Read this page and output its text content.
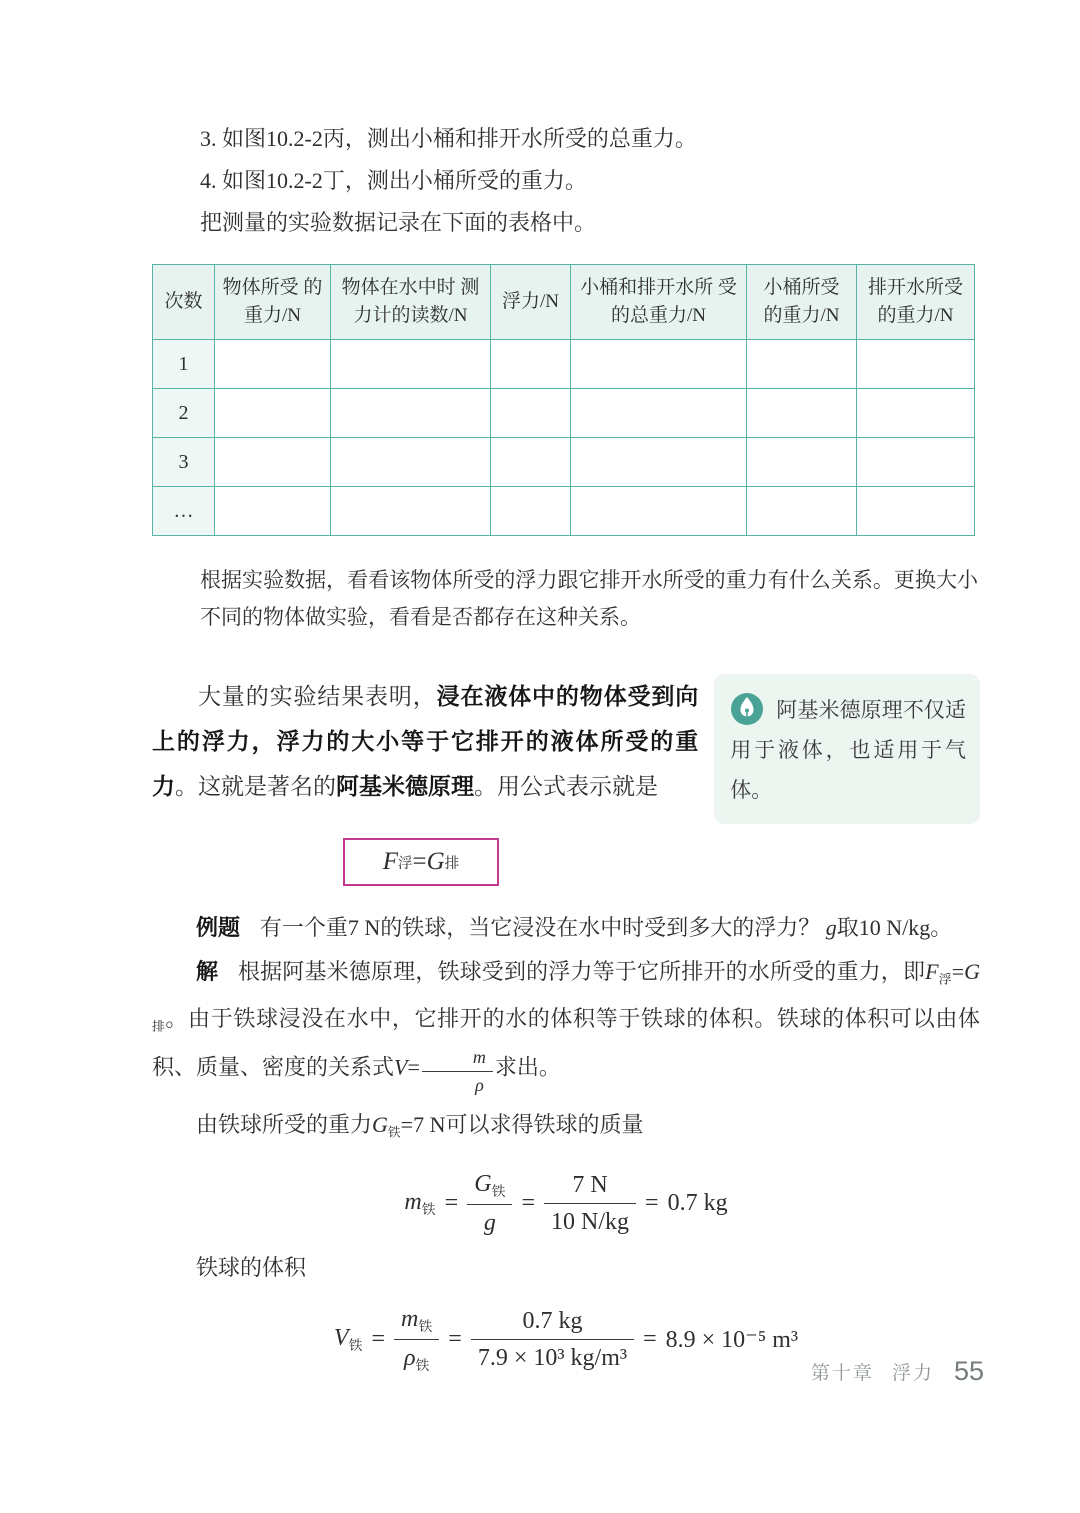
3. 如图10.2-2丙，测出小桶和排开水所受的总重力。
4. 如图10.2-2丁，测出小桶所受的重力。
把测量的实验数据记录在下面的表格中。
次数	物体所受 的重力/N	物体在水中时 测力计的读数/N	浮力/N	小桶和排开水所 受的总重力/N	小桶所受 的重力/N	排开水所受 的重力/N
1						
2						
3						
…						
根据实验数据，看看该物体所受的浮力跟它排开水所受的重力有什么关系。更换大小不同的物体做实验，看看是否都存在这种关系。
大量的实验结果表明，浸在液体中的物体受到向上的浮力，浮力的大小等于它排开的液体所受的重力。这就是著名的阿基米德原理。用公式表示就是
阿基米德原理不仅适用于液体，也适用于气体。
F 浮 = G 排
例题 有一个重7 N的铁球，当它浸没在水中时受到多大的浮力？ g取10 N/kg。
解 根据阿基米德原理，铁球受到的浮力等于它所排开的水所受的重力，即$F_浮=G_排$。由于铁球浸没在水中，它排开的水的体积等于铁球的体积。铁球的体积可以由体积、质量、密度的关系式$V= \frac{m}{\rho}$ 求出。
由铁球所受的重力$G_铁=7$ N可以求得铁球的质量
$m_铁 = \frac{G_铁}{g} = \frac{7 N}{10 N/kg} = 0.7$ kg
铁球的体积
$V_铁 = \frac{m_铁}{\rho_铁} = \frac{0.7 kg}{\text{7.9 × 10³ kg/m³}} = 8.9 \times 10^{-5}$ m³
第十章 浮力 55
